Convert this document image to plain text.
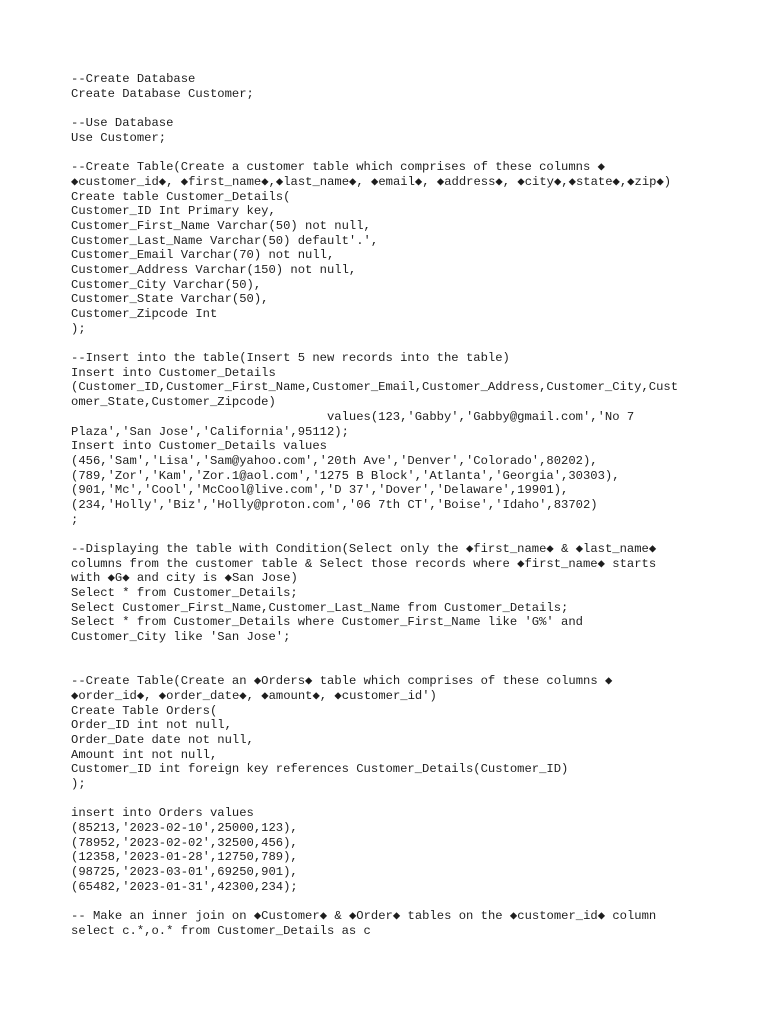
--Create Database
Create Database Customer;
--Use Database
Use Customer;
--Create Table(Create a customer table which comprises of these columns ◆
◆customer_id◆, ◆first_name◆,◆last_name◆, ◆email◆, ◆address◆, ◆city◆,◆state◆,◆zip◆)
Create table Customer_Details(
Customer_ID Int Primary key,
Customer_First_Name Varchar(50) not null,
Customer_Last_Name Varchar(50) default'.',
Customer_Email Varchar(70) not null,
Customer_Address Varchar(150) not null,
Customer_City Varchar(50),
Customer_State Varchar(50),
Customer_Zipcode Int
);
--Insert into the table(Insert 5 new records into the table)
Insert into Customer_Details
(Customer_ID,Customer_First_Name,Customer_Email,Customer_Address,Customer_City,Cust
omer_State,Customer_Zipcode)
values(123,'Gabby','Gabby@gmail.com','No 7
Plaza','San Jose','California',95112);
Insert into Customer_Details values
(456,'Sam','Lisa','Sam@yahoo.com','20th Ave','Denver','Colorado',80202),
(789,'Zor','Kam','Zor.1@aol.com','1275 B Block','Atlanta','Georgia',30303),
(901,'Mc','Cool','McCool@live.com','D 37','Dover','Delaware',19901),
(234,'Holly','Biz','Holly@proton.com','06 7th CT','Boise','Idaho',83702)
;
--Displaying the table with Condition(Select only the ◆first_name◆ & ◆last_name◆
columns from the customer table & Select those records where ◆first_name◆ starts
with ◆G◆ and city is ◆San Jose)
Select * from Customer_Details;
Select Customer_First_Name,Customer_Last_Name from Customer_Details;
Select * from Customer_Details where Customer_First_Name like 'G%' and
Customer_City like 'San Jose';
--Create Table(Create an ◆Orders◆ table which comprises of these columns ◆
◆order_id◆, ◆order_date◆, ◆amount◆, ◆customer_id')
Create Table Orders(
Order_ID int not null,
Order_Date date not null,
Amount int not null,
Customer_ID int foreign key references Customer_Details(Customer_ID)
);
insert into Orders values
(85213,'2023-02-10',25000,123),
(78952,'2023-02-02',32500,456),
(12358,'2023-01-28',12750,789),
(98725,'2023-03-01',69250,901),
(65482,'2023-01-31',42300,234);
-- Make an inner join on ◆Customer◆ & ◆Order◆ tables on the ◆customer_id◆ column
select c.*,o.* from Customer_Details as c
